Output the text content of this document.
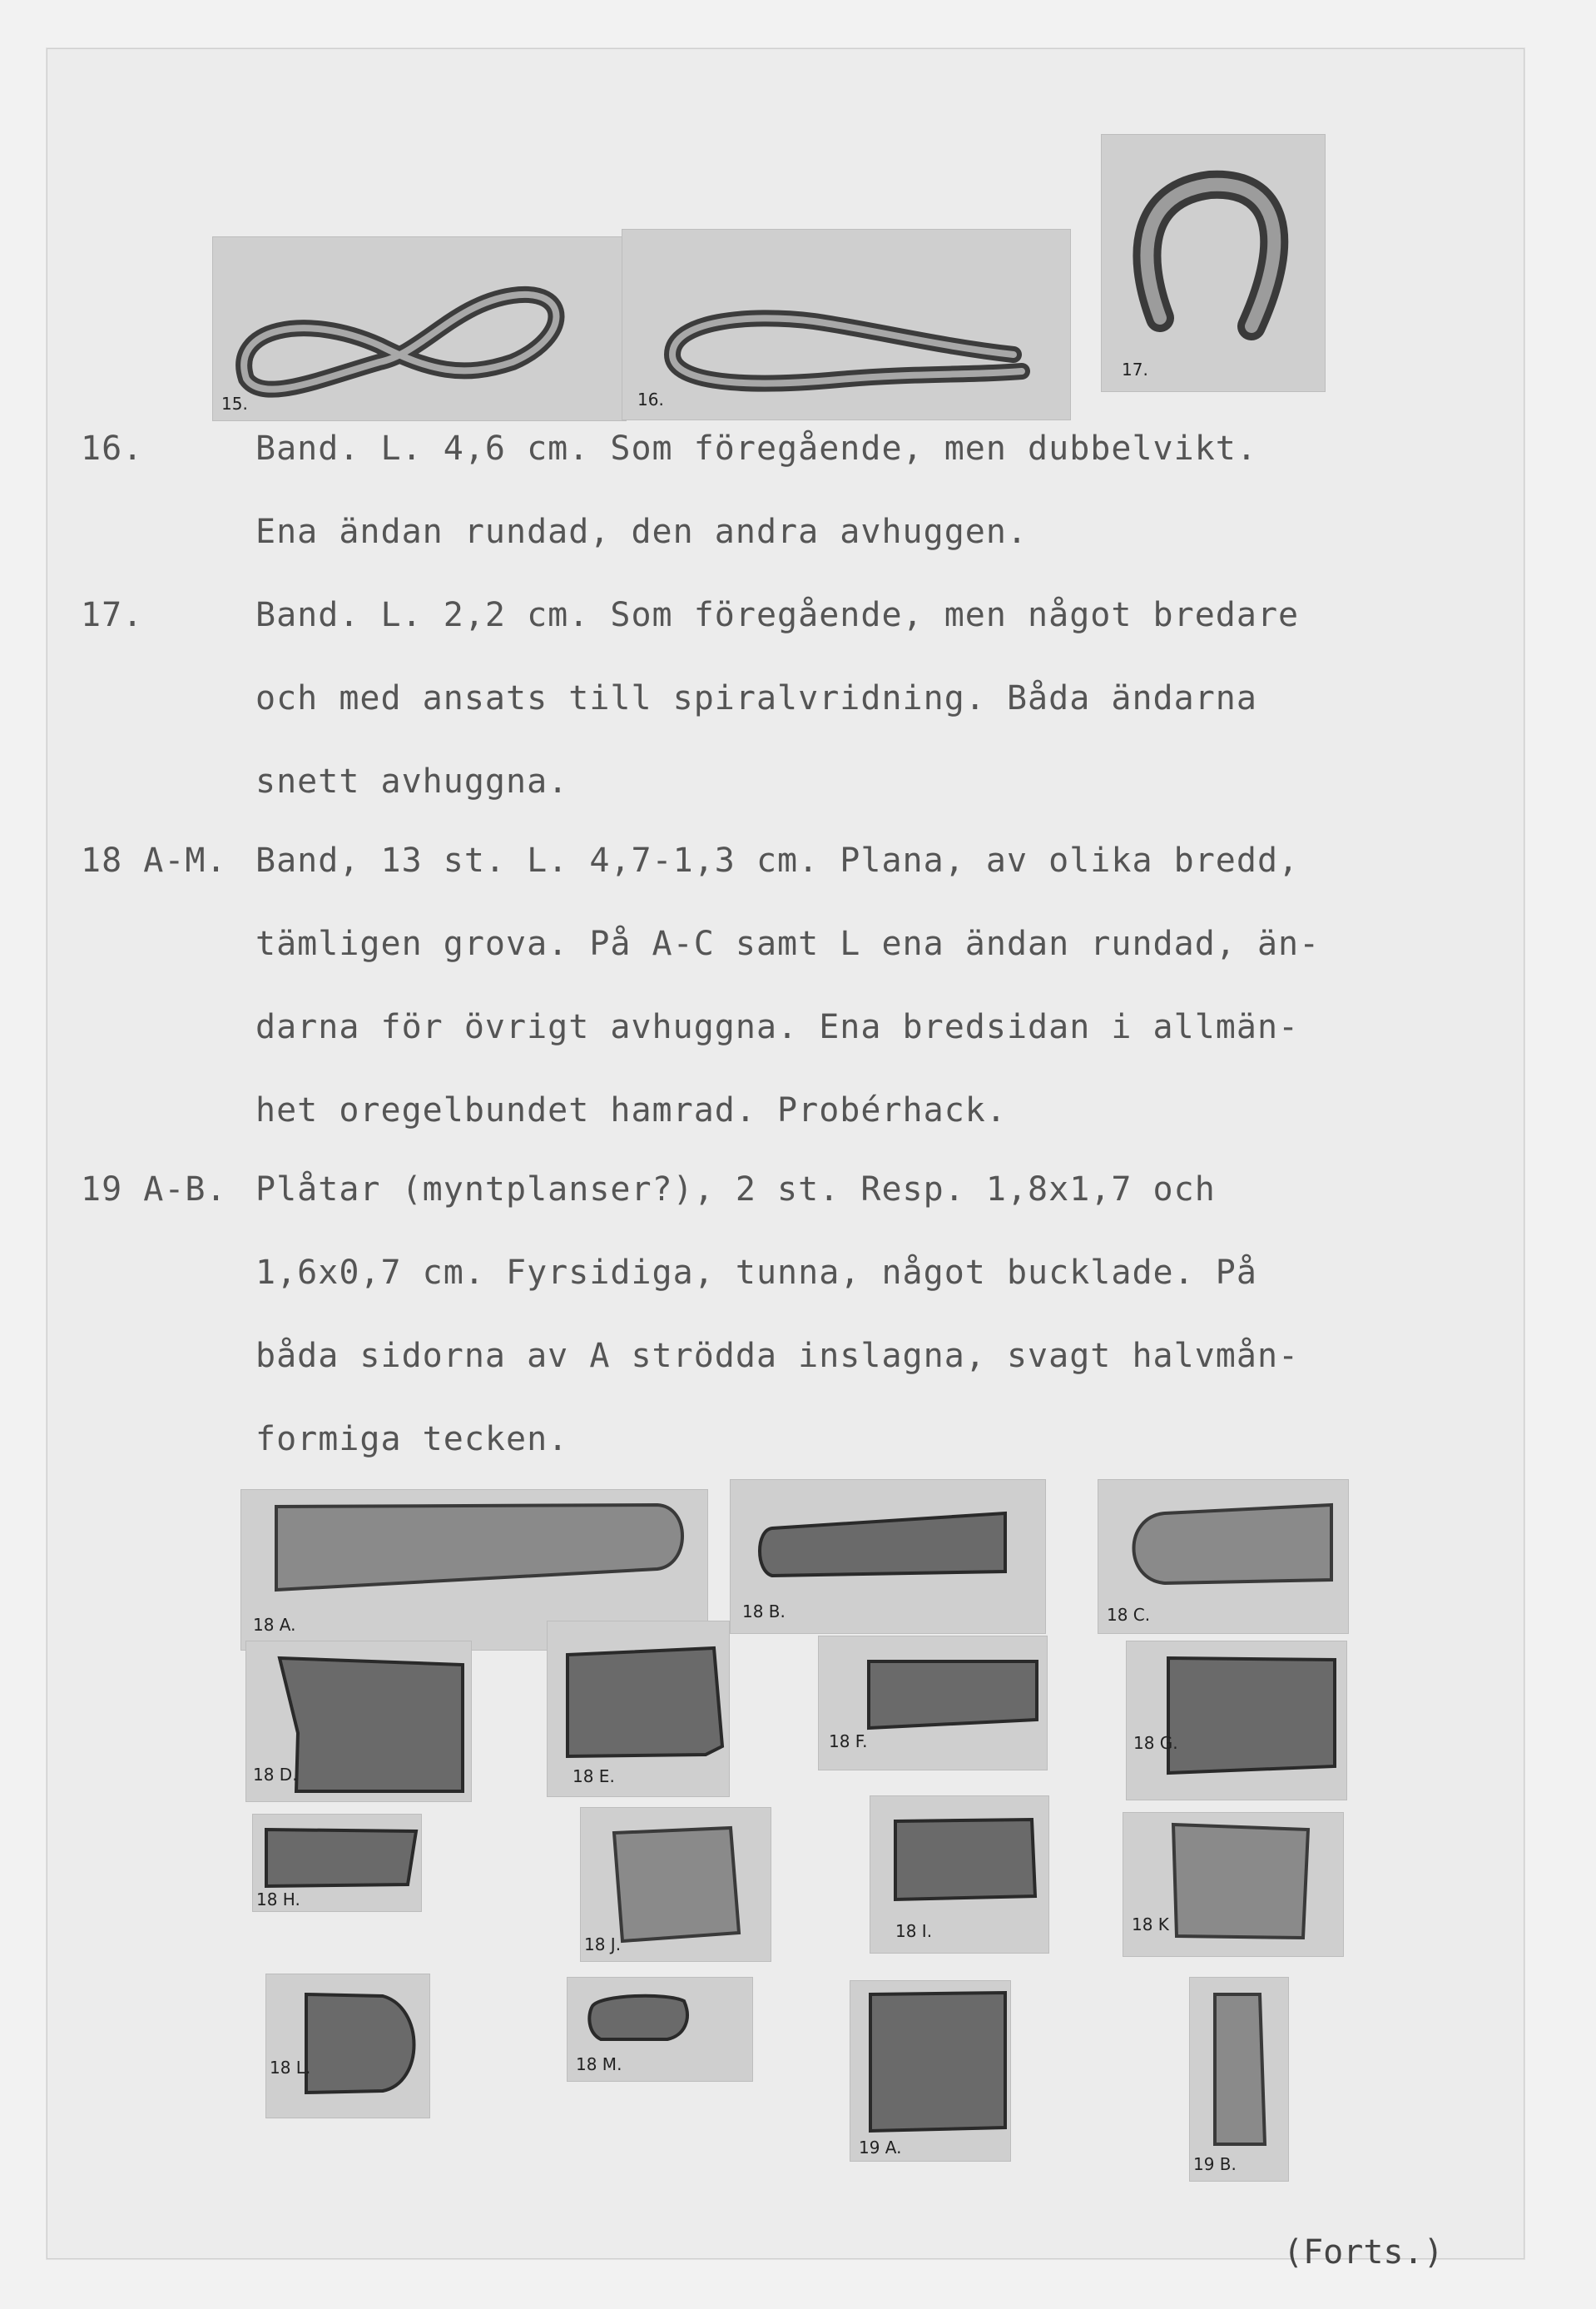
15.	16.
17.
16.	Band. L. 4,6 cm. Som föregående, men dubbelvikt.
Ena ändan rundad, den andra avhuggen.
17.	Band. L. 2,2 cm. Som föregående, men något bredare
och med ansats till spiralvridning. Båda ändarna
snett avhuggna.
18 A-M. Band, 13 st. L. 4,7-1,3 cm. Plana, av olika bredd,
tämligen grova. På A-C samt L ena ändan rundad, än-
darna för övrigt avhuggna. Ena bredsidan i allmän-
het oregelbundet hamrad. Probérhack.
19 A-B. Plåtar (myntplanser?), 2 st. Resp. 1,8x1,7 och
1,6x0,7 cm. Fyrsidiga, tunna, något bucklade. På
båda sidorna av A strödda inslagna, svagt halvmån-
formiga tecken.
18 A.
18 B.	18 C.
18 D.	18 E.
18 F.	18 G.
18 H.
18 J.
18 I.	18 K
18 L.	18 M.
19 A.
19 B.
(Forts.)
